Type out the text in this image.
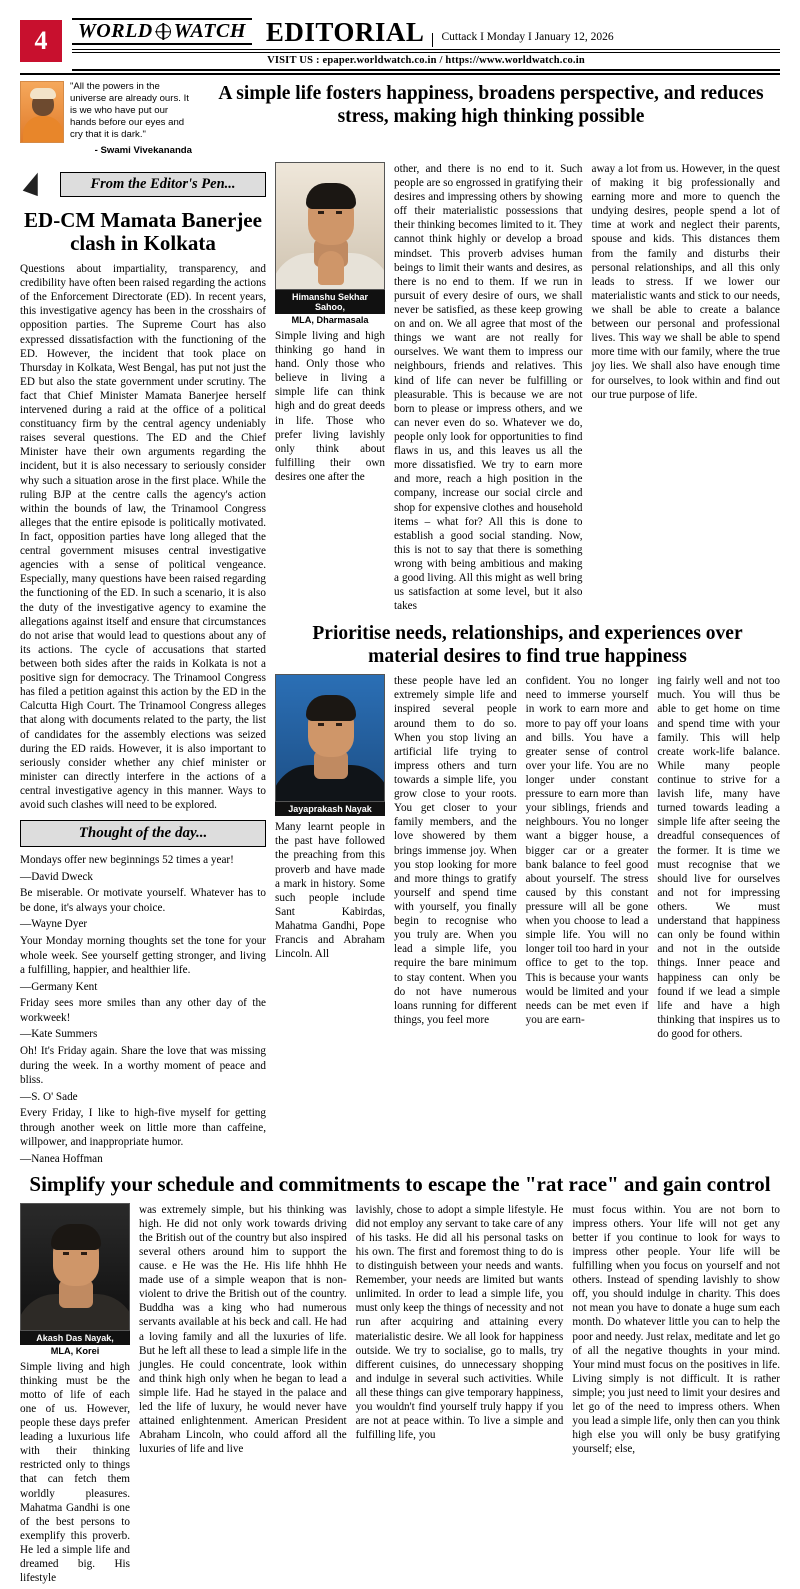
4	WORLD WATCH EDITORIAL Cuttack I Monday I January 12, 2026
VISIT US : epaper.worldwatch.co.in / https://www.worldwatch.co.in
"All the powers in the universe are already ours. It is we who have put our hands before our eyes and cry that it is dark."
- Swami Vivekananda
A simple life fosters happiness, broadens perspective, and reduces stress, making high thinking possible
From the Editor's Pen...
ED-CM Mamata Banerjee clash in Kolkata

Questions about impartiality, transparency, and credibility have often been raised regarding the actions of the Enforcement Directorate (ED). In recent years, this investigative agency has been in the crosshairs of opposition parties. The Supreme Court has also expressed dissatisfaction with the functioning of the ED. However, the incident that took place on Thursday in Kolkata, West Bengal, has put not just the ED but also the state government under scrutiny. The fact that Chief Minister Mamata Banerjee herself intervened during a raid at the office of a political constituancy firm by the central agency undeniably raises several questions. The ED and the Chief Minister have their own arguments regarding the incident, but it is also necessary to seriously consider why such a situation arose in the first place. While the ruling BJP at the centre calls the agency's action within the bounds of law, the Trinamool Congress alleges that the entire episode is politically motivated. In fact, opposition parties have long alleged that the central government misuses central investigative agencies with a sense of political vengeance. Especially, many questions have been raised regarding the functioning of the ED. In such a scenario, it is also the duty of the investigative agency to examine the allegations against itself and ensure that circumstances do not arise that would lead to questions about any of its actions. The cycle of accusations that started between both sides after the raids in Kolkata is not a positive sign for democracy. The Trinamool Congress has filed a petition against this action by the ED in the Calcutta High Court. The Trinamool Congress alleges that along with documents related to the party, the list of candidates for the assembly elections was seized during the ED raids. However, it is also important to seriously consider whether any chief minister or minister can directly interfere in the actions of a central investigative agency in this manner. Ways to avoid such clashes will need to be explored.

Thought of the day...

Mondays offer new beginnings 52 times a year!

—David Dweck

Be miserable. Or motivate yourself. Whatever has to be done, it's always your choice.

—Wayne Dyer

Your Monday morning thoughts set the tone for your whole week. See yourself getting stronger, and living a fulfilling, happier, and healthier life.

—Germany Kent

Friday sees more smiles than any other day of the workweek!

—Kate Summers

Oh! It's Friday again. Share the love that was missing during the week. In a worthy moment of peace and bliss.

—S. O' Sade

Every Friday, I like to high-five myself for getting through another week on little more than caffeine, willpower, and inappropriate humor.

—Nanea Hoffman

Himanshu Sekhar Sahoo,
MLA, Dharmasala

Simple living and high thinking go hand in hand. Only those who believe in living a simple life can think high and do great deeds in life. Those who prefer living lavishly only think about fulfilling their own desires one after the

other, and there is no end to it. Such people are so engrossed in gratifying their desires and impressing others by showing off their materialistic possessions that their thinking becomes limited to it. They cannot think highly or develop a broad mindset. This proverb advises human beings to limit their wants and desires, as there is no end to them. If we run in pursuit of every desire of ours, we shall never be satisfied, as these keep growing on and on. We all agree that most of the things we want are not really for ourselves. We want them to impress our neighbours, friends and relatives. This kind of life can never be fulfilling or pleasurable. This is because we are not born to please or impress others, and we can never even do so. Whatever we do, people only look for opportunities to find flaws in us, and this leaves us all the more dissatisfied. We try to earn more and more, reach a high position in the company, increase our social circle and shop for expensive clothes and household items – what for? All this is done to establish a good social standing. Now, this is not to say that there is something wrong with being ambitious and making a good living. All this might as well bring us satisfaction at some level, but it also takes

away a lot from us. However, in the quest of making it big professionally and earning more and more to quench the undying desires, people spend a lot of time at work and neglect their parents, spouse and kids. This distances them from the family and disturbs their personal relationships, and all this only leads to stress. If we lower our materialistic wants and stick to our needs, we shall be able to create a balance between our personal and professional lives. This way we shall be able to spend more time with our family, where the true joy lies. We shall also have enough time for ourselves, to look within and find out our true purpose of life.

Prioritise needs, relationships, and experiences over material desires to find true happiness
Jayaprakash Nayak

Many learnt people in the past have followed the preaching from this proverb and have made a mark in history. Some such people include Sant Kabirdas, Mahatma Gandhi, Pope Francis and Abraham Lincoln. All

these people have led an extremely simple life and inspired several people around them to do so. When you stop living an artificial life trying to impress others and turn towards a simple life, you grow close to your roots. You get closer to your family members, and the love showered by them brings immense joy. When you stop looking for more and more things to gratify yourself and spend time with yourself, you finally begin to recognise who you truly are. When you lead a simple life, you require the bare minimum to stay content. When you do not have numerous loans running for different things, you feel more

confident. You no longer need to immerse yourself in work to earn more and more to pay off your loans and bills. You have a greater sense of control over your life. You are no longer under constant pressure to earn more than your siblings, friends and neighbours. You no longer want a bigger house, a bigger car or a greater bank balance to feel good about yourself. The stress caused by this constant pressure will all be gone when you choose to lead a simple life. You will no longer toil too hard in your office to get to the top. This is because your wants would be limited and your needs can be met even if you are earn-

ing fairly well and not too much. You will thus be able to get home on time and spend time with your family. This will help create work-life balance. While many people continue to strive for a lavish life, many have turned towards leading a simple life after seeing the dreadful consequences of the former. It is time we must recognise that we should live for ourselves and not for impressing others. We must understand that happiness can only be found within and not in the outside things. Inner peace and happiness can only be found if we lead a simple life and have a high thinking that inspires us to do good for others.

Simplify your schedule and commitments to escape the "rat race" and gain control
Akash Das Nayak,
MLA, Korei

Simple living and high thinking must be the motto of life of each one of us. However, people these days prefer leading a luxurious life with their thinking restricted only to things that can fetch them worldly pleasures. Mahatma Gandhi is one of the best persons to exemplify this proverb. He led a simple life and dreamed big. His lifestyle

was extremely simple, but his thinking was high. He did not only work towards driving the British out of the country but also inspired several others around him to support the cause. e He was the He. His life hhhh He made use of a simple weapon that is non-violent to drive the British out of the country. Buddha was a king who had numerous servants available at his beck and call. He had a loving family and all the luxuries of life. But he left all these to lead a simple life in the jungles. He could concentrate, look within and think high only when he began to lead a simple life. Had he stayed in the palace and led the life of luxury, he would never have attained enlightenment. American President Abraham Lincoln, who could afford all the luxuries of life and live

lavishly, chose to adopt a simple lifestyle. He did not employ any servant to take care of any of his tasks. He did all his personal tasks on his own. The first and foremost thing to do is to distinguish between your needs and wants. Remember, your needs are limited but wants unlimited. In order to lead a simple life, you must only keep the things of necessity and not run after acquiring and attaining every materialistic desire. We all look for happiness outside. We try to socialise, go to malls, try different cuisines, do unnecessary shopping and indulge in several such activities. While all these things can give temporary happiness, you wouldn't find yourself truly happy if you are not at peace within. To live a simple and fulfilling life, you

must focus within. You are not born to impress others. Your life will not get any better if you continue to look for ways to impress other people. Your life will be fulfilling when you focus on yourself and not others. Instead of spending lavishly to show off, you should indulge in charity. This does not mean you have to donate a huge sum each month. Do whatever little you can to help the poor and needy. Just relax, meditate and let go of all the negative thoughts in your mind. Your mind must focus on the positives in life. Living simply is not difficult. It is rather simple; you just need to limit your desires and let go of the need to impress others. When you lead a simple life, only then can you think high else you will only be busy gratifying yourself; else,
